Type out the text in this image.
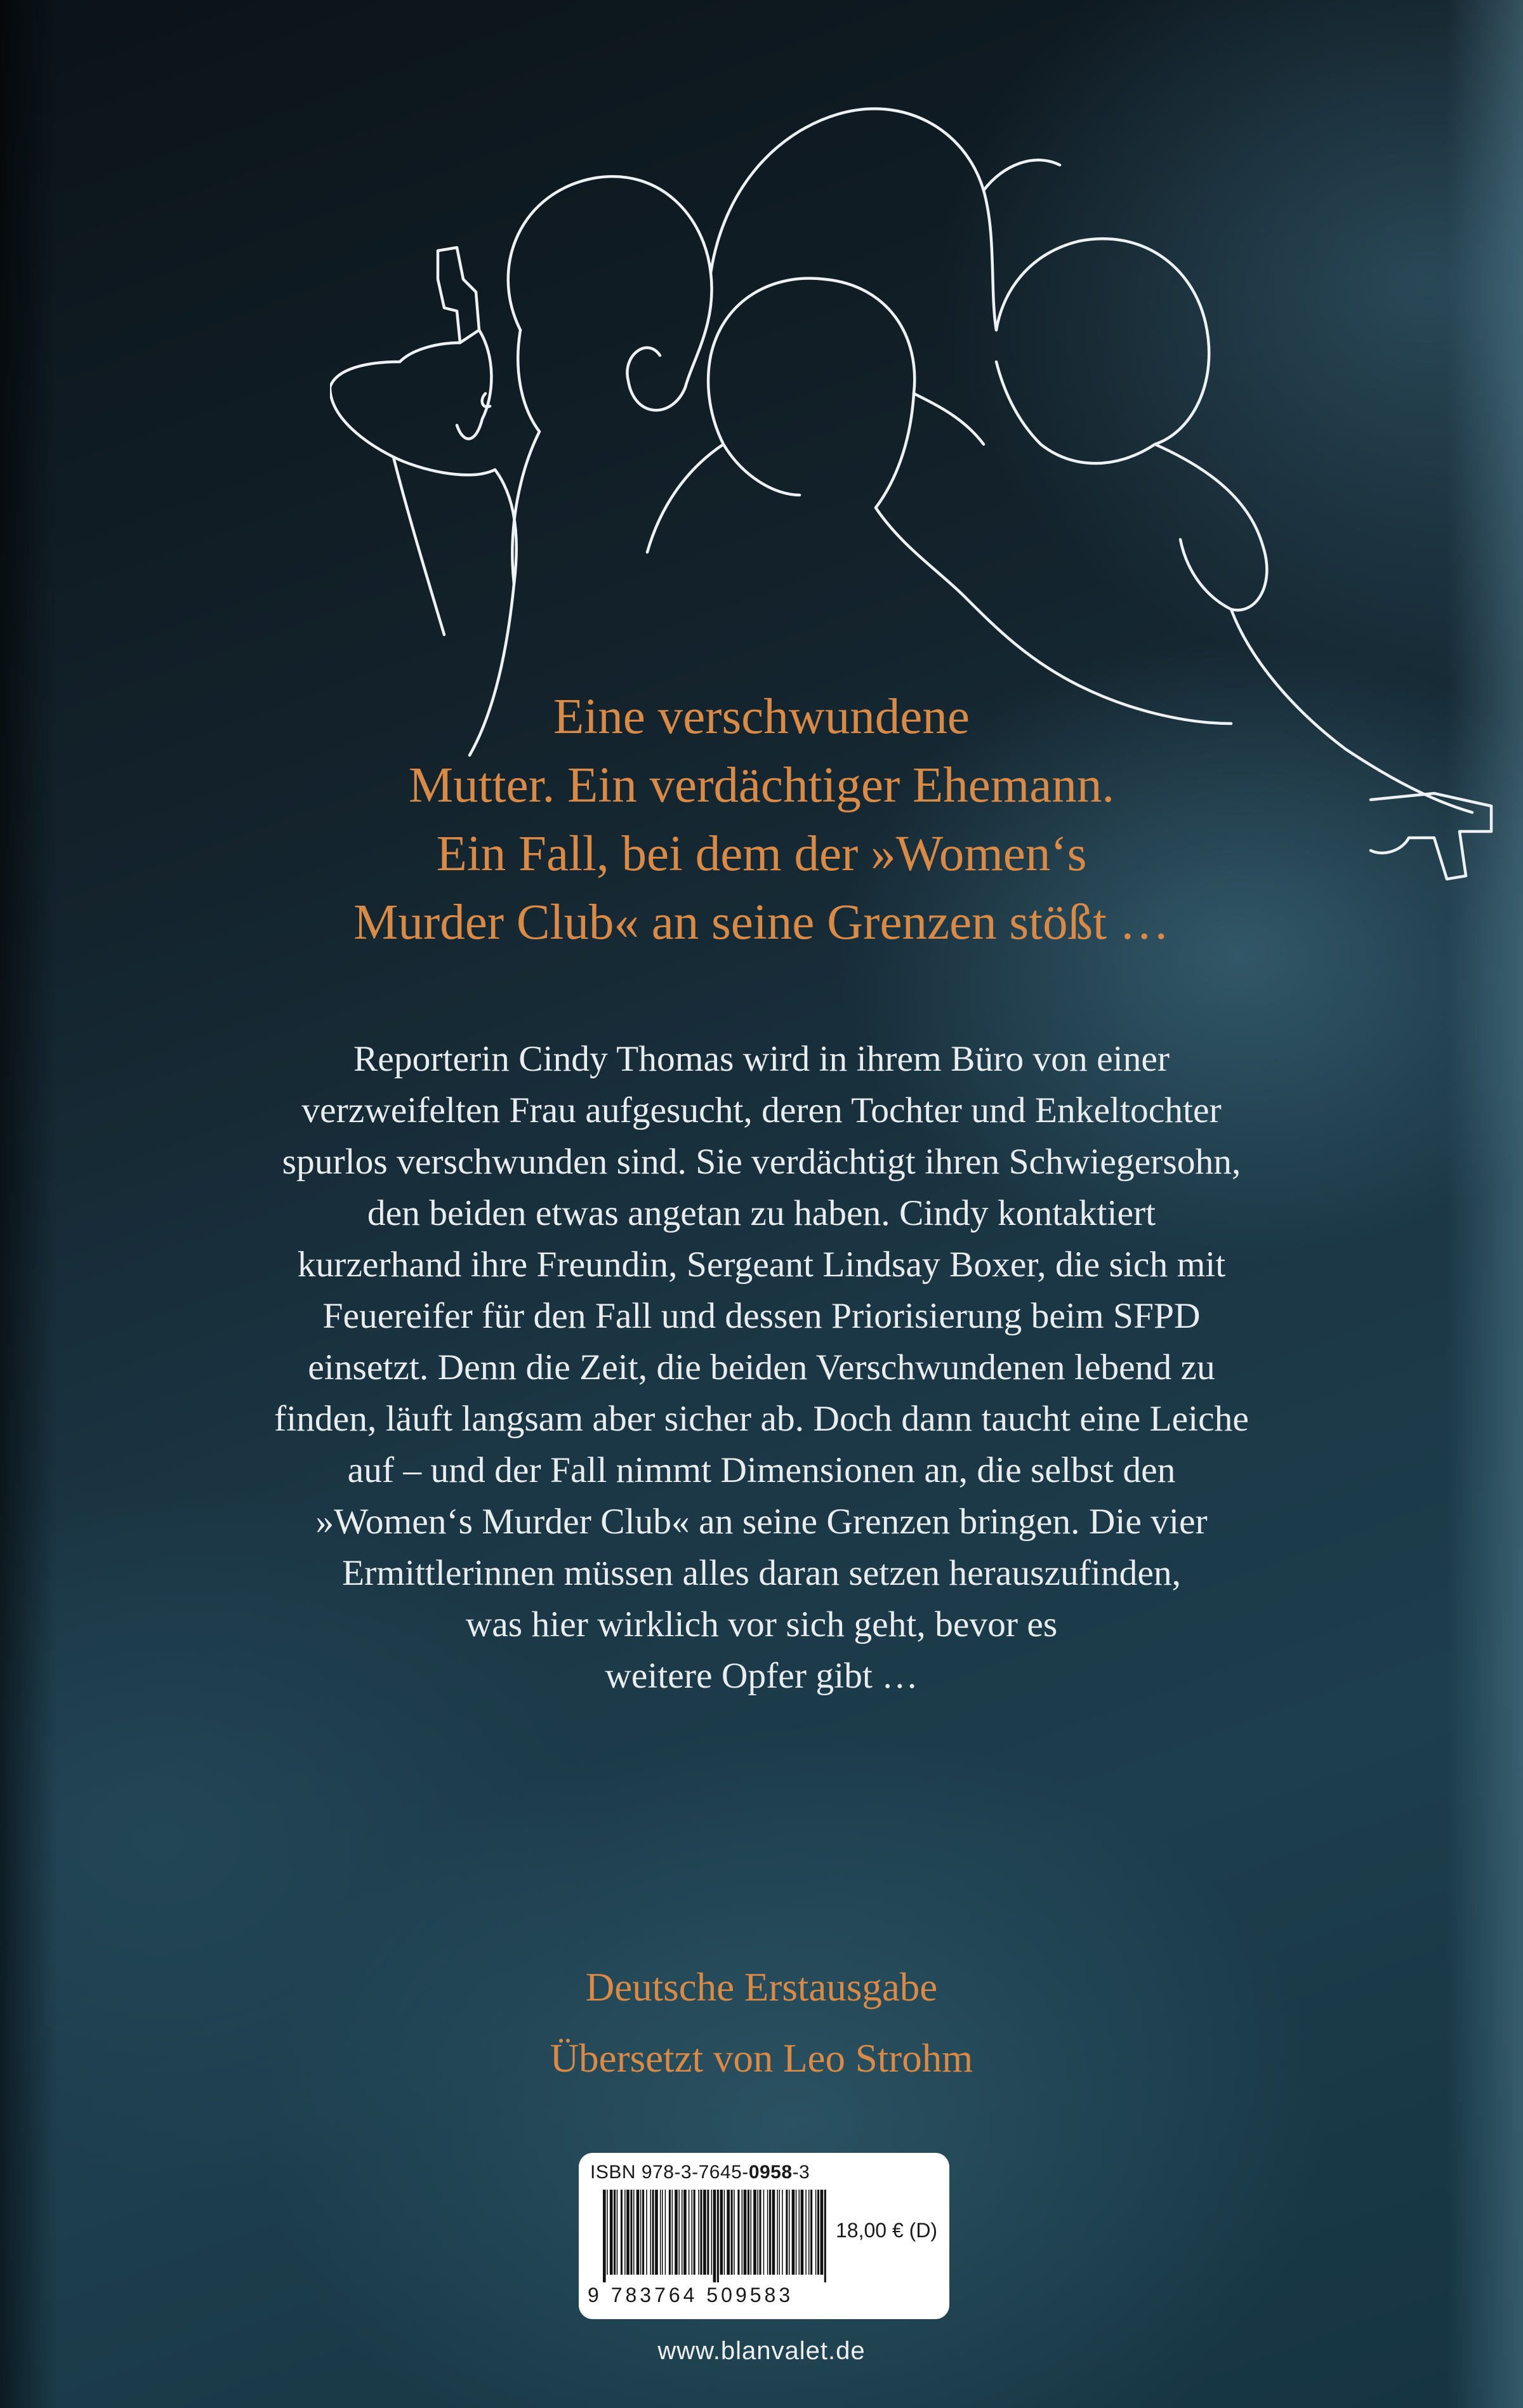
Eine verschwundene
Mutter. Ein verdächtiger Ehemann.
Ein Fall, bei dem der »Women‘s
Murder Club« an seine Grenzen stößt …
Reporterin Cindy Thomas wird in ihrem Büro von einer
verzweifelten Frau aufgesucht, deren Tochter und Enkeltochter
spurlos verschwunden sind. Sie verdächtigt ihren Schwiegersohn,
den beiden etwas angetan zu haben. Cindy kontaktiert
kurzerhand ihre Freundin, Sergeant Lindsay Boxer, die sich mit
Feuereifer für den Fall und dessen Priorisierung beim SFPD
einsetzt. Denn die Zeit, die beiden Verschwundenen lebend zu
finden, läuft langsam aber sicher ab. Doch dann taucht eine Leiche
auf – und der Fall nimmt Dimensionen an, die selbst den
»Women‘s Murder Club« an seine Grenzen bringen. Die vier
Ermittlerinnen müssen alles daran setzen herauszufinden,
was hier wirklich vor sich geht, bevor es
weitere Opfer gibt …
Deutsche Erstausgabe
Übersetzt von Leo Strohm
ISBN 978-3-7645-0958-3
9 783764 509583
18,00 € (D)
www.blanvalet.de
